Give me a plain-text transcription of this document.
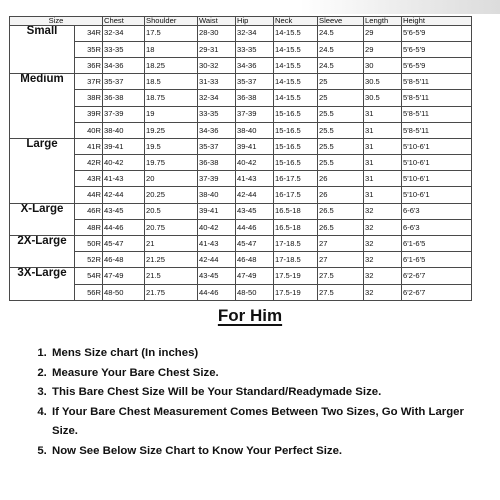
Size		Chest	Shoulder	Waist	Hip	Neck	Sleeve	Length	Height
Small	34R	32-34	17.5	28-30	32-34	14-15.5	24.5	29	5'6-5'9
	35R	33-35	18	29-31	33-35	14-15.5	24.5	29	5'6-5'9
	36R	34-36	18.25	30-32	34-36	14-15.5	24.5	30	5'6-5'9
Medium	37R	35-37	18.5	31-33	35-37	14-15.5	25	30.5	5'8-5'11
	38R	36-38	18.75	32-34	36-38	14-15.5	25	30.5	5'8-5'11
	39R	37-39	19	33-35	37-39	15-16.5	25.5	31	5'8-5'11
	40R	38-40	19.25	34-36	38-40	15-16.5	25.5	31	5'8-5'11
Large	41R	39-41	19.5	35-37	39-41	15-16.5	25.5	31	5'10-6'1
	42R	40-42	19.75	36-38	40-42	15-16.5	25.5	31	5'10-6'1
	43R	41-43	20	37-39	41-43	16-17.5	26	31	5'10-6'1
	44R	42-44	20.25	38-40	42-44	16-17.5	26	31	5'10-6'1
X-Large	46R	43-45	20.5	39-41	43-45	16.5-18	26.5	32	6-6'3
	48R	44-46	20.75	40-42	44-46	16.5-18	26.5	32	6-6'3
2X-Large	50R	45-47	21	41-43	45-47	17-18.5	27	32	6'1-6'5
	52R	46-48	21.25	42-44	46-48	17-18.5	27	32	6'1-6'5
3X-Large	54R	47-49	21.5	43-45	47-49	17.5-19	27.5	32	6'2-6'7
	56R	48-50	21.75	44-46	48-50	17.5-19	27.5	32	6'2-6'7
For Him
1. Mens Size chart (In inches)
2. Measure Your Bare Chest Size.
3. This Bare Chest Size Will be Your Standard/Readymade Size.
4. If Your Bare Chest Measurement Comes Between Two Sizes, Go With Larger Size.
5. Now See Below Size Chart to Know Your Perfect Size.
